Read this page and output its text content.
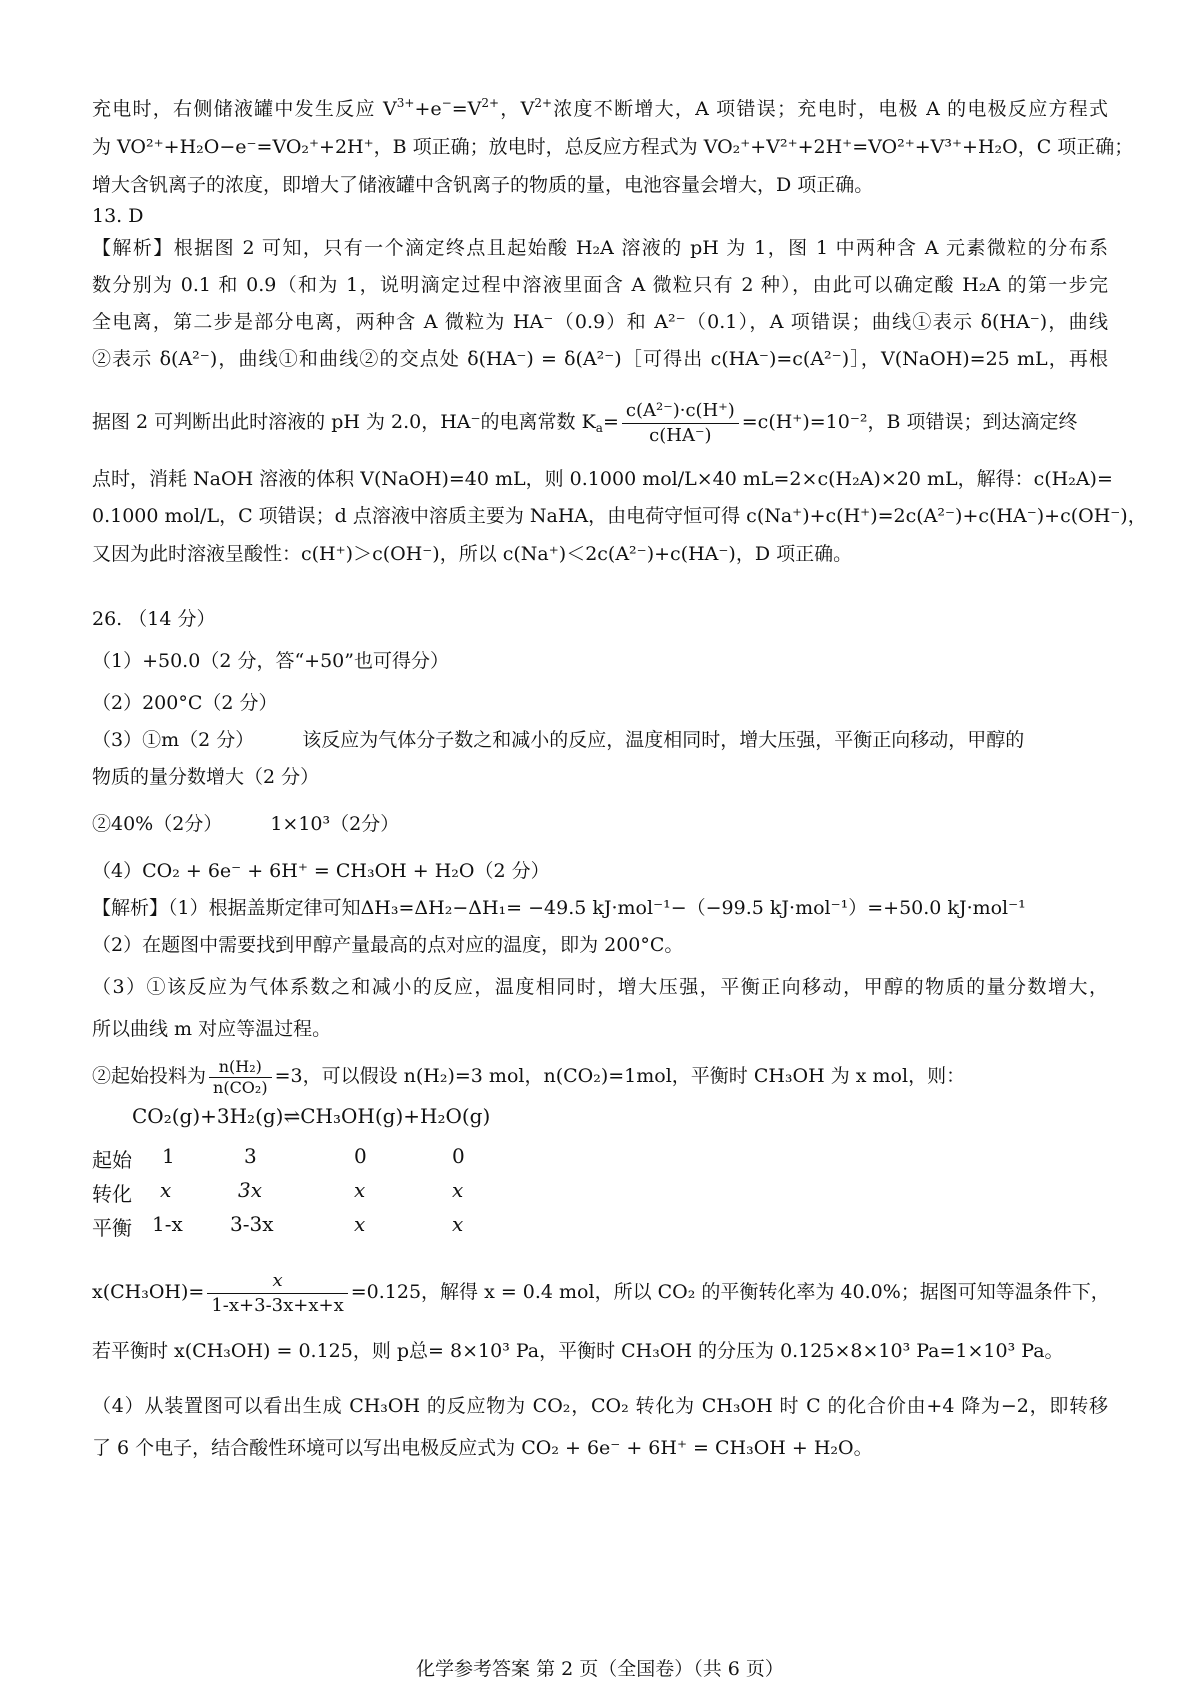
充电时，右侧储液罐中发生反应 $V^{3+}+e^-=V^{2+}$，$V^{2+}$浓度不断增大，A 项错误；充电时，电极 A 的电极反应方程式
为 VO²⁺+H₂O−e⁻=VO₂⁺+2H⁺，B 项正确；放电时，总反应方程式为 VO₂⁺+V²⁺+2H⁺=VO²⁺+V³⁺+H₂O，C 项正确；
增大含钒离子的浓度，即增大了储液罐中含钒离子的物质的量，电池容量会增大，D 项正确。
13. D
【解析】根据图 2 可知，只有一个滴定终点且起始酸 H₂A 溶液的 pH 为 1，图 1 中两种含 A 元素微粒的分布系
数分别为 0.1 和 0.9（和为 1，说明滴定过程中溶液里面含 A 微粒只有 2 种），由此可以确定酸 H₂A 的第一步完
全电离，第二步是部分电离，两种含 A 微粒为 HA⁻（0.9）和 A²⁻（0.1），A 项错误；曲线①表示 δ(HA⁻)，曲线
②表示 δ(A²⁻)，曲线①和曲线②的交点处 δ(HA⁻) = δ(A²⁻)［可得出 c(HA⁻)=c(A²⁻)］，V(NaOH)=25 mL，再根
据图 2 可判断出此时溶液的 pH 为 2.0，HA⁻的电离常数 $K_a= \frac{\text{c(A²⁻)·c(H⁺)}}{c(HA^-)} =c(H^+)=10^{-2}$，B 项错误；到达滴定终
点时，消耗 NaOH 溶液的体积 V(NaOH)=40 mL，则 0.1000 mol/L×40 mL=2×c(H₂A)×20 mL，解得：c(H₂A)=
0.1000 mol/L，C 项错误；d 点溶液中溶质主要为 NaHA，由电荷守恒可得 c(Na⁺)+c(H⁺)=2c(A²⁻)+c(HA⁻)+c(OH⁻)，
又因为此时溶液呈酸性：c(H⁺)＞c(OH⁻)，所以 c(Na⁺)＜2c(A²⁻)+c(HA⁻)，D 项正确。
26. （14 分）
（1）+50.0（2 分，答“+50”也可得分）
（2）200°C（2 分）
（3）①m（2 分）	该反应为气体分子数之和减小的反应，温度相同时，增大压强，平衡正向移动，甲醇的
物质的量分数增大（2 分）
②40%（2分）	1×10³（2分）
（4）CO₂ + 6e⁻ + 6H⁺ = CH₃OH + H₂O（2 分）
【解析】（1）根据盖斯定律可知ΔH₃=ΔH₂−ΔH₁= −49.5 kJ·mol⁻¹−（−99.5 kJ·mol⁻¹）=+50.0 kJ·mol⁻¹
（2）在题图中需要找到甲醇产量最高的点对应的温度，即为 200°C。
（3）①该反应为气体系数之和减小的反应，温度相同时，增大压强，平衡正向移动，甲醇的物质的量分数增大，
所以曲线 m 对应等温过程。
②起始投料为 $\frac{\text{n(H₂)}}{\text{n(CO₂)}} =3$，可以假设 n(H₂)=3 mol，n(CO₂)=1mol，平衡时 CH₃OH 为 x mol，则：
CO₂(g)+3H₂(g)⇌CH₃OH(g)+H₂O(g)
起始 1	3	0	0
转化 x	3x	x	x
平衡 1-x 3-3x	x	x
$x(CH_3OH)= \frac{x}{1-x+3-3x+x+x} =0.125$，解得 x = 0.4 mol，所以 CO₂ 的平衡转化率为 40.0%；据图可知等温条件下，
若平衡时 x(CH₃OH) = 0.125，则 p总= 8×10³ Pa，平衡时 CH₃OH 的分压为 0.125×8×10³ Pa=1×10³ Pa。
（4）从装置图可以看出生成 CH₃OH 的反应物为 CO₂，CO₂ 转化为 CH₃OH 时 C 的化合价由+4 降为−2，即转移
了 6 个电子，结合酸性环境可以写出电极反应式为 CO₂ + 6e⁻ + 6H⁺ = CH₃OH + H₂O。
化学参考答案 第 2 页（全国卷）（共 6 页）
